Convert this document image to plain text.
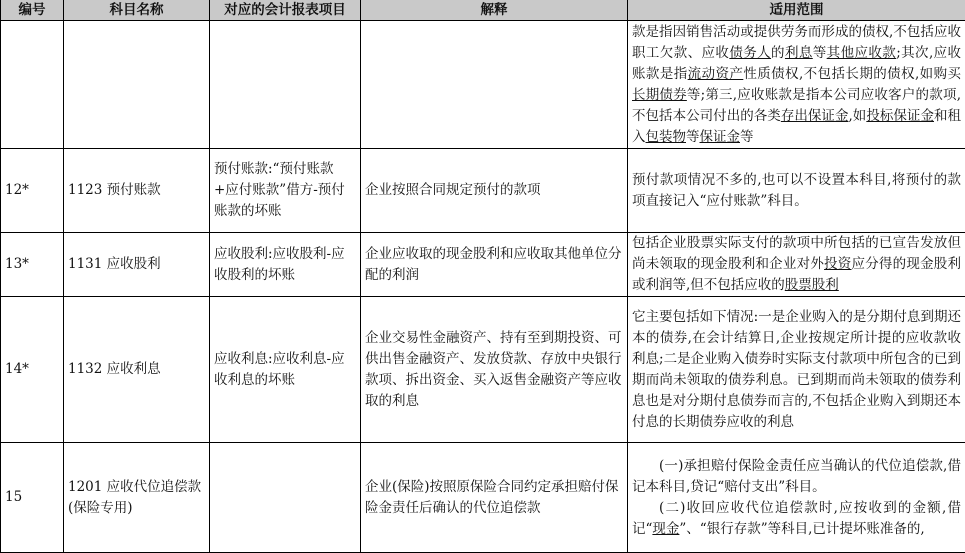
编号	科目名称	对应的会计报表项目	解释	适用范围
				款是指因销售活动或提供劳务而形成的债权,不包括应收职工欠款、应收债务人的利息等其他应收款;其次,应收账款是指流动资产性质债权,不包括长期的债权,如购买长期债券等;第三,应收账款是指本公司应收客户的款项,不包括本公司付出的各类存出保证金,如投标保证金和租入包装物等保证金等
12*	1123 预付账款	预付账款:“预付账款+应付账款”借方-预付账款的坏账	企业按照合同规定预付的款项	预付款项情况不多的,也可以不设置本科目,将预付的款项直接记入“应付账款”科目。
13*	1131 应收股利	应收股利:应收股利-应收股利的坏账	企业应收取的现金股利和应收取其他单位分配的利润	包括企业股票实际支付的款项中所包括的已宣告发放但尚未领取的现金股利和企业对外投资应分得的现金股利或利润等,但不包括应收的股票股利
14*	1132 应收利息	应收利息:应收利息-应收利息的坏账	企业交易性金融资产、持有至到期投资、可供出售金融资产、发放贷款、存放中央银行款项、拆出资金、买入返售金融资产等应收取的利息	它主要包括如下情况:一是企业购入的是分期付息到期还本的债券,在会计结算日,企业按规定所计提的应收款收利息;二是企业购入债券时实际支付款项中所包含的已到期而尚未领取的债券利息。已到期而尚未领取的债券利息也是对分期付息债券而言的,不包括企业购入到期还本付息的长期债券应收的利息
15	1201 应收代位追偿款(保险专用)		企业(保险)按照原保险合同约定承担赔付保险金责任后确认的代位追偿款	(一)承担赔付保险金责任应当确认的代位追偿款,借记本科目,贷记“赔付支出”科目。

(二)收回应收代位追偿款时,应按收到的金额,借记“现金”、“银行存款”等科目,已计提坏账准备的,
